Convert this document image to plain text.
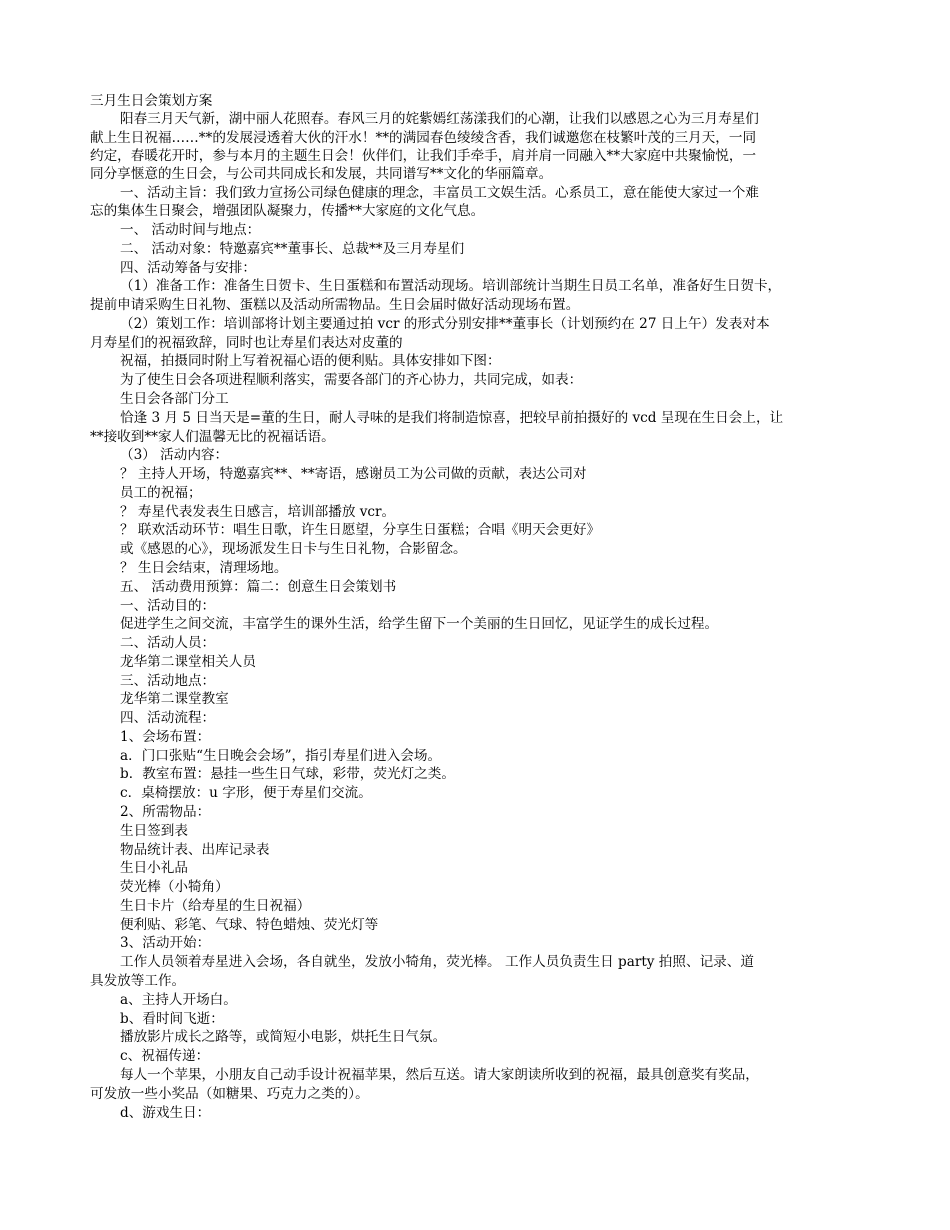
三月生日会策划方案
阳春三月天气新，湖中丽人花照春。春风三月的姹紫嫣红荡漾我们的心潮，让我们以感恩之心为三月寿星们
献上生日祝福……**的发展浸透着大伙的汗水！**的满园春色绫绫含香，我们诚邀您在枝繁叶茂的三月天，一同
约定，春暖花开时，参与本月的主题生日会！伙伴们，让我们手牵手，肩并肩一同融入**大家庭中共聚愉悦，一
同分享惬意的生日会，与公司共同成长和发展，共同谱写**文化的华丽篇章。
一、活动主旨：我们致力宣扬公司绿色健康的理念，丰富员工文娱生活。心系员工，意在能使大家过一个难
忘的集体生日聚会，增强团队凝聚力，传播**大家庭的文化气息。
一、 活动时间与地点：
二、 活动对象：特邀嘉宾**董事长、总裁**及三月寿星们
四、活动筹备与安排：
（1）准备工作：准备生日贺卡、生日蛋糕和布置活动现场。培训部统计当期生日员工名单，准备好生日贺卡，
提前申请采购生日礼物、蛋糕以及活动所需物品。生日会届时做好活动现场布置。
（2）策划工作：培训部将计划主要通过拍 vcr 的形式分别安排**董事长（计划预约在 27 日上午）发表对本
月寿星们的祝福致辞，同时也让寿星们表达对皮董的
祝福，拍摄同时附上写着祝福心语的便利贴。具体安排如下图：
为了使生日会各项进程顺利落实，需要各部门的齐心协力，共同完成，如表：
生日会各部门分工
恰逢 3 月 5 日当天是=董的生日，耐人寻味的是我们将制造惊喜，把较早前拍摄好的 vcd 呈现在生日会上，让
**接收到**家人们温馨无比的祝福话语。
（3） 活动内容：
？ 主持人开场，特邀嘉宾**、**寄语，感谢员工为公司做的贡献，表达公司对
员工的祝福；
？ 寿星代表发表生日感言，培训部播放 vcr。
？ 联欢活动环节：唱生日歌，许生日愿望，分享生日蛋糕；合唱《明天会更好》
或《感恩的心》，现场派发生日卡与生日礼物，合影留念。
？ 生日会结束，清理场地。
五、 活动费用预算：篇二：创意生日会策划书
一、活动目的：
促进学生之间交流，丰富学生的课外生活，给学生留下一个美丽的生日回忆，见证学生的成长过程。
二、活动人员：
龙华第二课堂相关人员
三、活动地点：
龙华第二课堂教室
四、活动流程：
1、会场布置：
a．门口张贴“生日晚会会场”，指引寿星们进入会场。
b．教室布置：悬挂一些生日气球，彩带，荧光灯之类。
c．桌椅摆放：u 字形，便于寿星们交流。
2、所需物品：
生日签到表
物品统计表、出库记录表
生日小礼品
荧光棒（小犄角）
生日卡片（给寿星的生日祝福）
便利贴、彩笔、气球、特色蜡烛、荧光灯等
3、活动开始：
工作人员领着寿星进入会场，各自就坐，发放小犄角，荧光棒。 工作人员负责生日 party 拍照、记录、道
具发放等工作。
a、主持人开场白。
b、看时间飞逝：
播放影片成长之路等，或简短小电影，烘托生日气氛。
c、祝福传递：
每人一个苹果，小朋友自己动手设计祝福苹果，然后互送。请大家朗读所收到的祝福，最具创意奖有奖品，
可发放一些小奖品（如糖果、巧克力之类的）。
d、游戏生日：
